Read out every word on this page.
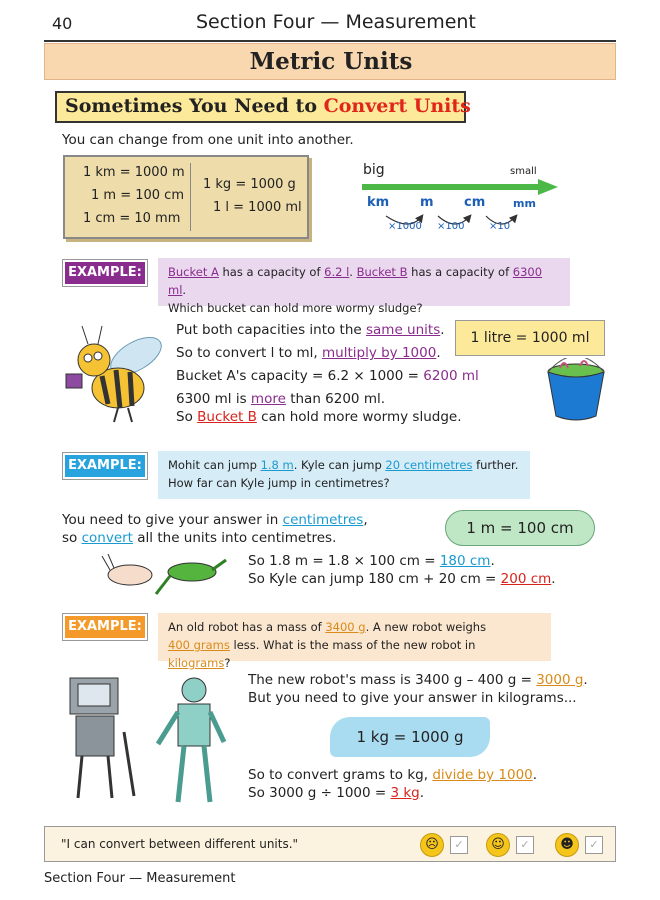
40	Section Four — Measurement
Metric Units
Sometimes You Need to Convert Units
You can change from one unit into another.
1 km = 1000 m
1 m = 100 cm
1 cm = 10 mm
1 kg = 1000 g
1 l = 1000 ml
big	small
km m cm	mm
×1000 ×100 ×10
EXAMPLE:	Bucket A has a capacity of 6.2 l. Bucket B has a capacity of 6300 ml.
Which bucket can hold more wormy sludge?
Put both capacities into the same units.
So to convert l to ml, multiply by 1000.
Bucket A's capacity = 6.2 × 1000 = 6200 ml
6300 ml is more than 6200 ml.
So Bucket B can hold more wormy sludge.
1 litre = 1000 ml
EXAMPLE:	Mohit can jump 1.8 m. Kyle can jump 20 centimetres further.
How far can Kyle jump in centimetres?
You need to give your answer in centimetres,
so convert all the units into centimetres.
1 m = 100 cm
So 1.8 m = 1.8 × 100 cm = 180 cm.
So Kyle can jump 180 cm + 20 cm = 200 cm.
EXAMPLE:	An old robot has a mass of 3400 g. A new robot weighs
400 grams less. What is the mass of the new robot in kilograms?
The new robot's mass is 3400 g – 400 g = 3000 g.
But you need to give your answer in kilograms...
1 kg = 1000 g
So to convert grams to kg, divide by 1000.
So 3000 g ÷ 1000 = 3 kg.
"I can convert between different units."	☹	✓	☺	✓	☻	✓
Section Four — Measurement
